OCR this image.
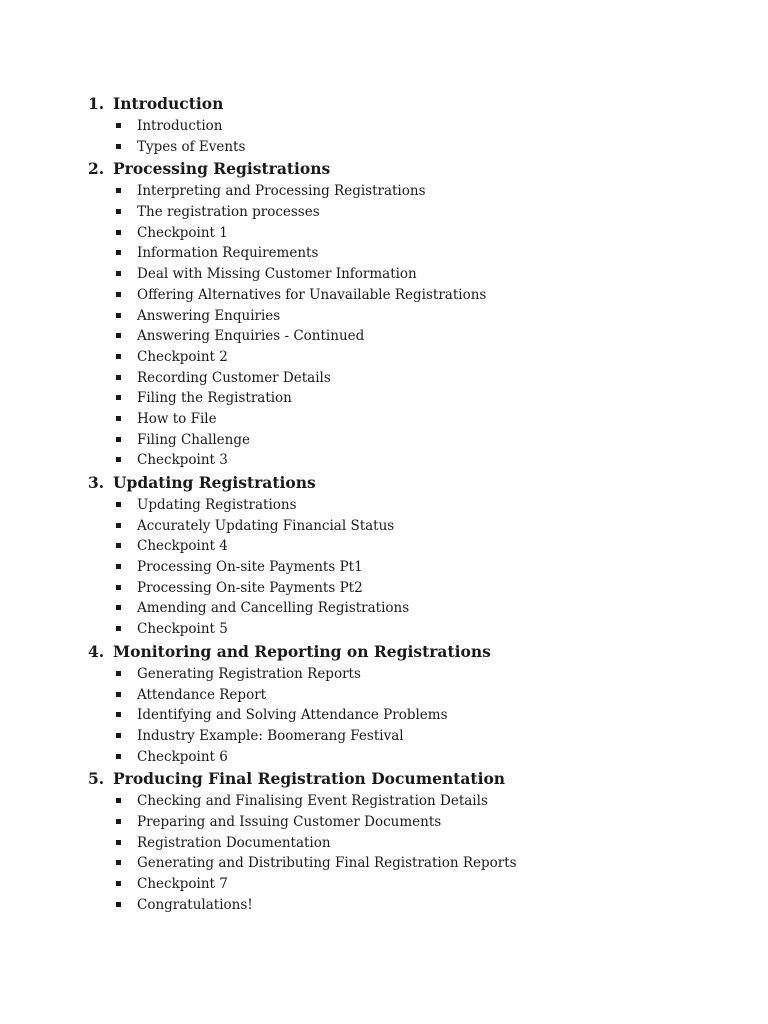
1. Introduction
Introduction
Types of Events
2. Processing Registrations
Interpreting and Processing Registrations
The registration processes
Checkpoint 1
Information Requirements
Deal with Missing Customer Information
Offering Alternatives for Unavailable Registrations
Answering Enquiries
Answering Enquiries - Continued
Checkpoint 2
Recording Customer Details
Filing the Registration
How to File
Filing Challenge
Checkpoint 3
3. Updating Registrations
Updating Registrations
Accurately Updating Financial Status
Checkpoint 4
Processing On-site Payments Pt1
Processing On-site Payments Pt2
Amending and Cancelling Registrations
Checkpoint 5
4. Monitoring and Reporting on Registrations
Generating Registration Reports
Attendance Report
Identifying and Solving Attendance Problems
Industry Example: Boomerang Festival
Checkpoint 6
5. Producing Final Registration Documentation
Checking and Finalising Event Registration Details
Preparing and Issuing Customer Documents
Registration Documentation
Generating and Distributing Final Registration Reports
Checkpoint 7
Congratulations!
